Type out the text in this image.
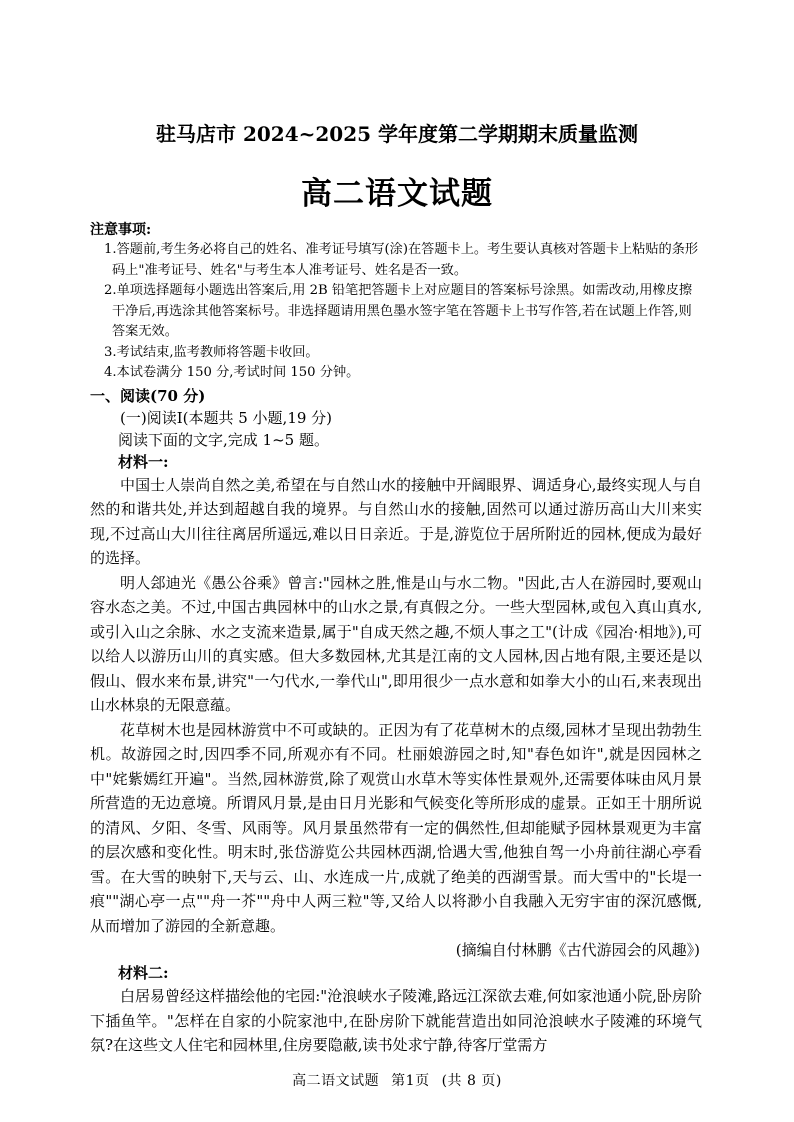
驻马店市 2024~2025 学年度第二学期期末质量监测
高二语文试题
注意事项:
1.答题前,考生务必将自己的姓名、准考证号填写(涂)在答题卡上。考生要认真核对答题卡上粘贴的条形码上"准考证号、姓名"与考生本人准考证号、姓名是否一致。
2.单项选择题每小题选出答案后,用 2B 铅笔把答题卡上对应题目的答案标号涂黑。如需改动,用橡皮擦干净后,再选涂其他答案标号。非选择题请用黑色墨水签字笔在答题卡上书写作答,若在试题上作答,则答案无效。
3.考试结束,监考教师将答题卡收回。
4.本试卷满分 150 分,考试时间 150 分钟。
一、阅读(70 分)
(一)阅读Ⅰ(本题共 5 小题,19 分)
阅读下面的文字,完成 1~5 题。
材料一:

中国士人崇尚自然之美,希望在与自然山水的接触中开阔眼界、调适身心,最终实现人与自然的和谐共处,并达到超越自我的境界。与自然山水的接触,固然可以通过游历高山大川来实现,不过高山大川往往离居所遥远,难以日日亲近。于是,游览位于居所附近的园林,便成为最好的选择。

明人郐迪光《愚公谷乘》曾言:"园林之胜,惟是山与水二物。"因此,古人在游园时,要观山容水态之美。不过,中国古典园林中的山水之景,有真假之分。一些大型园林,或包入真山真水,或引入山之余脉、水之支流来造景,属于"自成天然之趣,不烦人事之工"(计成《园冶·相地》),可以给人以游历山川的真实感。但大多数园林,尤其是江南的文人园林,因占地有限,主要还是以假山、假水来布景,讲究"一勺代水,一拳代山",即用很少一点水意和如拳大小的山石,来表现出山水林泉的无限意蕴。

花草树木也是园林游赏中不可或缺的。正因为有了花草树木的点缀,园林才呈现出勃勃生机。故游园之时,因四季不同,所观亦有不同。杜丽娘游园之时,知"春色如许",就是因园林之中"姹紫嫣红开遍"。当然,园林游赏,除了观赏山水草木等实体性景观外,还需要体味由风月景所营造的无边意境。所谓风月景,是由日月光影和气候变化等所形成的虚景。正如王十朋所说的清风、夕阳、冬雪、风雨等。风月景虽然带有一定的偶然性,但却能赋予园林景观更为丰富的层次感和变化性。明末时,张岱游览公共园林西湖,恰遇大雪,他独自驾一小舟前往湖心亭看雪。在大雪的映射下,天与云、山、水连成一片,成就了绝美的西湖雪景。而大雪中的"长堤一痕""湖心亭一点""舟一芥""舟中人两三粒"等,又给人以将渺小自我融入无穷宇宙的深沉感慨,从而增加了游园的全新意趣。

(摘编自付林鹏《古代游园会的风趣》)
材料二:

白居易曾经这样描绘他的宅园:"沧浪峡水子陵滩,路远江深欲去难,何如家池通小院,卧房阶下插鱼竿。"怎样在自家的小院家池中,在卧房阶下就能营造出如同沧浪峡水子陵滩的环境气氛?在这些文人住宅和园林里,住房要隐蔽,读书处求宁静,待客厅堂需方

高二语文试题 第1页 (共 8 页)
